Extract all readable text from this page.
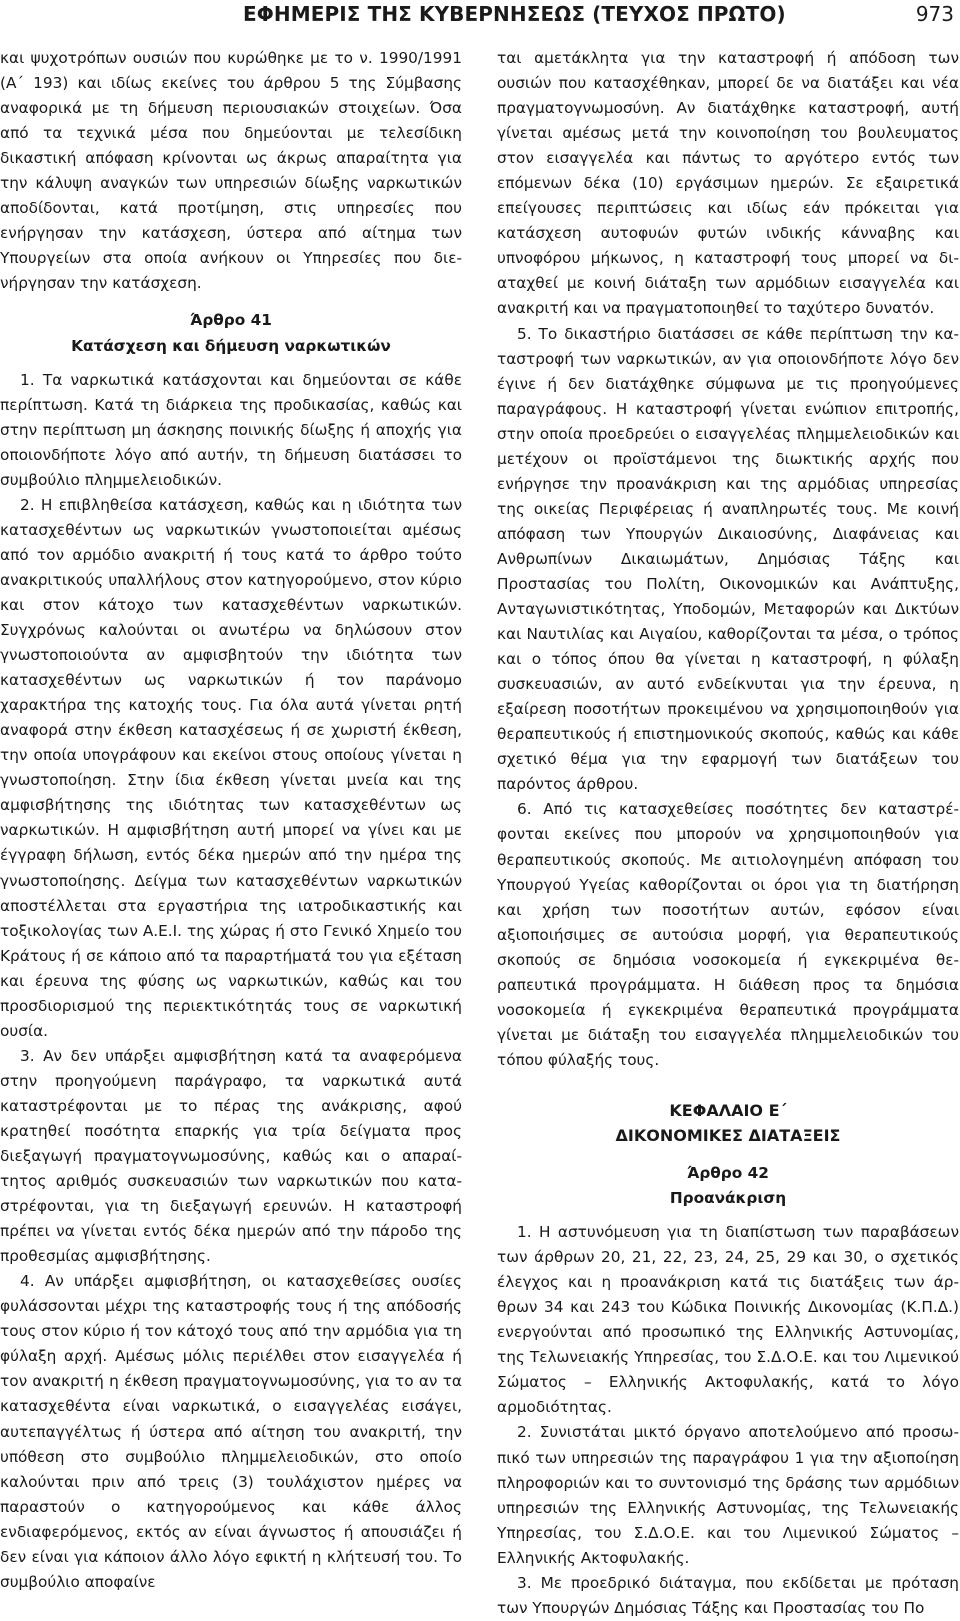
ΕΦΗΜΕΡΙΣ ΤΗΣ ΚΥΒΕΡΝΗΣΕΩΣ (ΤΕΥΧΟΣ ΠΡΩΤΟ)	973

και ψυχοτρόπων ουσιών που κυρώθηκε με το ν. 1990/1991 (Α΄ 193) και ιδίως εκείνες του άρθρου 5 της Σύμβασης αναφορικά με τη δήμευση περιουσιακών στοιχείων. Όσα από τα τεχνικά μέσα που δημεύονται με τελεσίδικη δικαστική απόφαση κρίνονται ως άκρως απαραίτητα για την κάλυψη αναγκών των υπηρεσιών δίωξης ναρκωτικών αποδίδονται, κατά προτίμηση, στις υπηρεσίες που ενήργησαν την κατάσχεση, ύστερα από αίτημα των Υπουργείων στα οποία ανήκουν οι Υπηρεσίες που διενήργησαν την κατάσχεση.

Άρθρο 41

Κατάσχεση και δήμευση ναρκωτικών

1. Τα ναρκωτικά κατάσχονται και δημεύονται σε κάθε περίπτωση. Κατά τη διάρκεια της προδικασίας, καθώς και στην περίπτωση μη άσκησης ποινικής δίωξης ή αποχής για οποιονδήποτε λόγο από αυτήν, τη δήμευση διατάσσει το συμβούλιο πλημμελειοδικών.

2. Η επιβληθείσα κατάσχεση, καθώς και η ιδιότητα των κατασχεθέντων ως ναρκωτικών γνωστοποιείται αμέσως από τον αρμόδιο ανακριτή ή τους κατά το άρθρο τούτο ανακριτικούς υπαλλήλους στον κατηγορούμενο, στον κύριο και στον κάτοχο των κατασχεθέντων ναρκωτικών. Συγχρόνως καλούνται οι ανωτέρω να δηλώσουν στον γνωστοποιούντα αν αμφισβητούν την ιδιότητα των κατασχεθέντων ως ναρκωτικών ή τον παράνομο χαρακτήρα της κατοχής τους. Για όλα αυτά γίνεται ρητή αναφορά στην έκθεση κατασχέσεως ή σε χωριστή έκθεση, την οποία υπογράφουν και εκείνοι στους οποίους γίνεται η γνωστοποίηση. Στην ίδια έκθεση γίνεται μνεία και της αμφισβήτησης της ιδιότητας των κατασχεθέντων ως ναρκωτικών. Η αμφισβήτηση αυτή μπορεί να γίνει και με έγγραφη δήλωση, εντός δέκα ημερών από την ημέρα της γνωστοποίησης. Δείγμα των κατασχεθέντων ναρκωτικών αποστέλλεται στα εργαστήρια της ιατροδικαστικής και τοξικολογίας των Α.Ε.Ι. της χώρας ή στο Γενικό Χημείο του Κράτους ή σε κάποιο από τα παραρτήματά του για εξέταση και έρευνα της φύσης ως ναρκωτικών, καθώς και του προσδιορισμού της περιεκτικότητάς τους σε ναρκωτική ουσία.

3. Αν δεν υπάρξει αμφισβήτηση κατά τα αναφερόμενα στην προηγούμενη παράγραφο, τα ναρκωτικά αυτά καταστρέφονται με το πέρας της ανάκρισης, αφού κρατηθεί ποσότητα επαρκής για τρία δείγματα προς διεξαγωγή πραγματογνωμοσύνης, καθώς και ο απαραίτητος αριθμός συσκευασιών των ναρκωτικών που καταστρέφονται, για τη διεξαγωγή ερευνών. Η καταστροφή πρέπει να γίνεται εντός δέκα ημερών από την πάροδο της προθεσμίας αμφισβήτησης.

4. Αν υπάρξει αμφισβήτηση, οι κατασχεθείσες ουσίες φυλάσσονται μέχρι της καταστροφής τους ή της απόδοσής τους στον κύριο ή τον κάτοχό τους από την αρμόδια για τη φύλαξη αρχή. Αμέσως μόλις περιέλθει στον εισαγγελέα ή τον ανακριτή η έκθεση πραγματογνωμοσύνης, για το αν τα κατασχεθέντα είναι ναρκωτικά, ο εισαγγελέας εισάγει, αυτεπαγγέλτως ή ύστερα από αίτηση του ανακριτή, την υπόθεση στο συμβούλιο πλημμελειοδικών, στο οποίο καλούνται πριν από τρεις (3) τουλάχιστον ημέρες να παραστούν ο κατηγορούμενος και κάθε άλλος ενδιαφερόμενος, εκτός αν είναι άγνωστος ή απουσιάζει ή δεν είναι για κάποιον άλλο λόγο εφικτή η κλήτευσή του. Το συμβούλιο αποφαίνε

ται αμετάκλητα για την καταστροφή ή απόδοση των ουσιών που κατασχέθηκαν, μπορεί δε να διατάξει και νέα πραγματογνωμοσύνη. Αν διατάχθηκε καταστροφή, αυτή γίνεται αμέσως μετά την κοινοποίηση του βουλευματος στον εισαγγελέα και πάντως το αργότερο εντός των επόμενων δέκα (10) εργάσιμων ημερών. Σε εξαιρετικά επείγουσες περιπτώσεις και ιδίως εάν πρόκειται για κατάσχεση αυτοφυών φυτών ινδικής κάνναβης και υπνοφόρου μήκωνος, η καταστροφή τους μπορεί να διαταχθεί με κοινή διάταξη των αρμόδιων εισαγγελέα και ανακριτή και να πραγματοποιηθεί το ταχύτερο δυνατόν.

5. Το δικαστήριο διατάσσει σε κάθε περίπτωση την καταστροφή των ναρκωτικών, αν για οποιονδήποτε λόγο δεν έγινε ή δεν διατάχθηκε σύμφωνα με τις προηγούμενες παραγράφους. Η καταστροφή γίνεται ενώπιον επιτροπής, στην οποία προεδρεύει ο εισαγγελέας πλημμελειοδικών και μετέχουν οι προϊστάμενοι της διωκτικής αρχής που ενήργησε την προανάκριση και της αρμόδιας υπηρεσίας της οικείας Περιφέρειας ή αναπληρωτές τους. Με κοινή απόφαση των Υπουργών Δικαιοσύνης, Διαφάνειας και Ανθρωπίνων Δικαιωμάτων, Δημόσιας Τάξης και Προστασίας του Πολίτη, Οικονομικών και Ανάπτυξης, Ανταγωνιστικότητας, Υποδομών, Μεταφορών και Δικτύων και Ναυτιλίας και Αιγαίου, καθορίζονται τα μέσα, ο τρόπος και ο τόπος όπου θα γίνεται η καταστροφή, η φύλαξη συσκευασιών, αν αυτό ενδείκνυται για την έρευνα, η εξαίρεση ποσοτήτων προκειμένου να χρησιμοποιηθούν για θεραπευτικούς ή επιστημονικούς σκοπούς, καθώς και κάθε σχετικό θέμα για την εφαρμογή των διατάξεων του παρόντος άρθρου.

6. Από τις κατασχεθείσες ποσότητες δεν καταστρέφονται εκείνες που μπορούν να χρησιμοποιηθούν για θεραπευτικούς σκοπούς. Με αιτιολογημένη απόφαση του Υπουργού Υγείας καθορίζονται οι όροι για τη διατήρηση και χρήση των ποσοτήτων αυτών, εφόσον είναι αξιοποιήσιμες σε αυτούσια μορφή, για θεραπευτικούς σκοπούς σε δημόσια νοσοκομεία ή εγκεκριμένα θεραπευτικά προγράμματα. Η διάθεση προς τα δημόσια νοσοκομεία ή εγκεκριμένα θεραπευτικά προγράμματα γίνεται με διάταξη του εισαγγελέα πλημμελειοδικών του τόπου φύλαξής τους.

ΚΕΦΑΛΑΙΟ Ε΄

ΔΙΚΟΝΟΜΙΚΕΣ ΔΙΑΤΑΞΕΙΣ

Άρθρο 42

Προανάκριση

1. Η αστυνόμευση για τη διαπίστωση των παραβάσεων των άρθρων 20, 21, 22, 23, 24, 25, 29 και 30, ο σχετικός έλεγχος και η προανάκριση κατά τις διατάξεις των άρθρων 34 και 243 του Κώδικα Ποινικής Δικονομίας (Κ.Π.Δ.) ενεργούνται από προσωπικό της Ελληνικής Αστυνομίας, της Τελωνειακής Υπηρεσίας, του Σ.Δ.Ο.Ε. και του Λιμενικού Σώματος – Ελληνικής Ακτοφυλακής, κατά το λόγο αρμοδιότητας.

2. Συνιστάται μικτό όργανο αποτελούμενο από προσωπικό των υπηρεσιών της παραγράφου 1 για την αξιοποίηση πληροφοριών και το συντονισμό της δράσης των αρμόδιων υπηρεσιών της Ελληνικής Αστυνομίας, της Τελωνειακής Υπηρεσίας, του Σ.Δ.Ο.Ε. και του Λιμενικού Σώματος – Ελληνικής Ακτοφυλακής.

3. Με προεδρικό διάταγμα, που εκδίδεται με πρόταση των Υπουργών Δημόσιας Τάξης και Προστασίας του Πο
